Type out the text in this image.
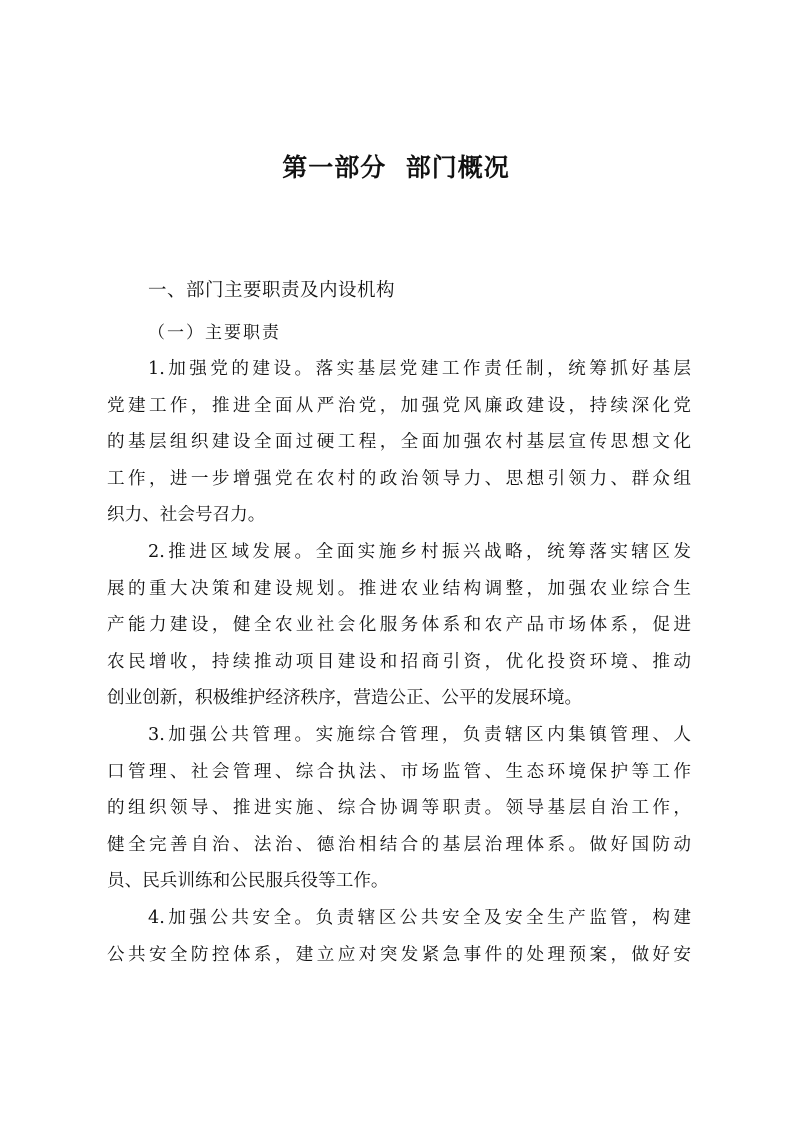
第一部分  部门概况
一、部门主要职责及内设机构
（一）主要职责
1.加强党的建设。落实基层党建工作责任制，统筹抓好基层
党建工作，推进全面从严治党，加强党风廉政建设，持续深化党
的基层组织建设全面过硬工程，全面加强农村基层宣传思想文化
工作，进一步增强党在农村的政治领导力、思想引领力、群众组
织力、社会号召力。
2.推进区域发展。全面实施乡村振兴战略，统筹落实辖区发
展的重大决策和建设规划。推进农业结构调整，加强农业综合生
产能力建设，健全农业社会化服务体系和农产品市场体系，促进
农民增收，持续推动项目建设和招商引资，优化投资环境、推动
创业创新，积极维护经济秩序，营造公正、公平的发展环境。
3.加强公共管理。实施综合管理，负责辖区内集镇管理、人
口管理、社会管理、综合执法、市场监管、生态环境保护等工作
的组织领导、推进实施、综合协调等职责。领导基层自治工作，
健全完善自治、法治、德治相结合的基层治理体系。做好国防动
员、民兵训练和公民服兵役等工作。
4.加强公共安全。负责辖区公共安全及安全生产监管，构建
公共安全防控体系，建立应对突发紧急事件的处理预案，做好安
